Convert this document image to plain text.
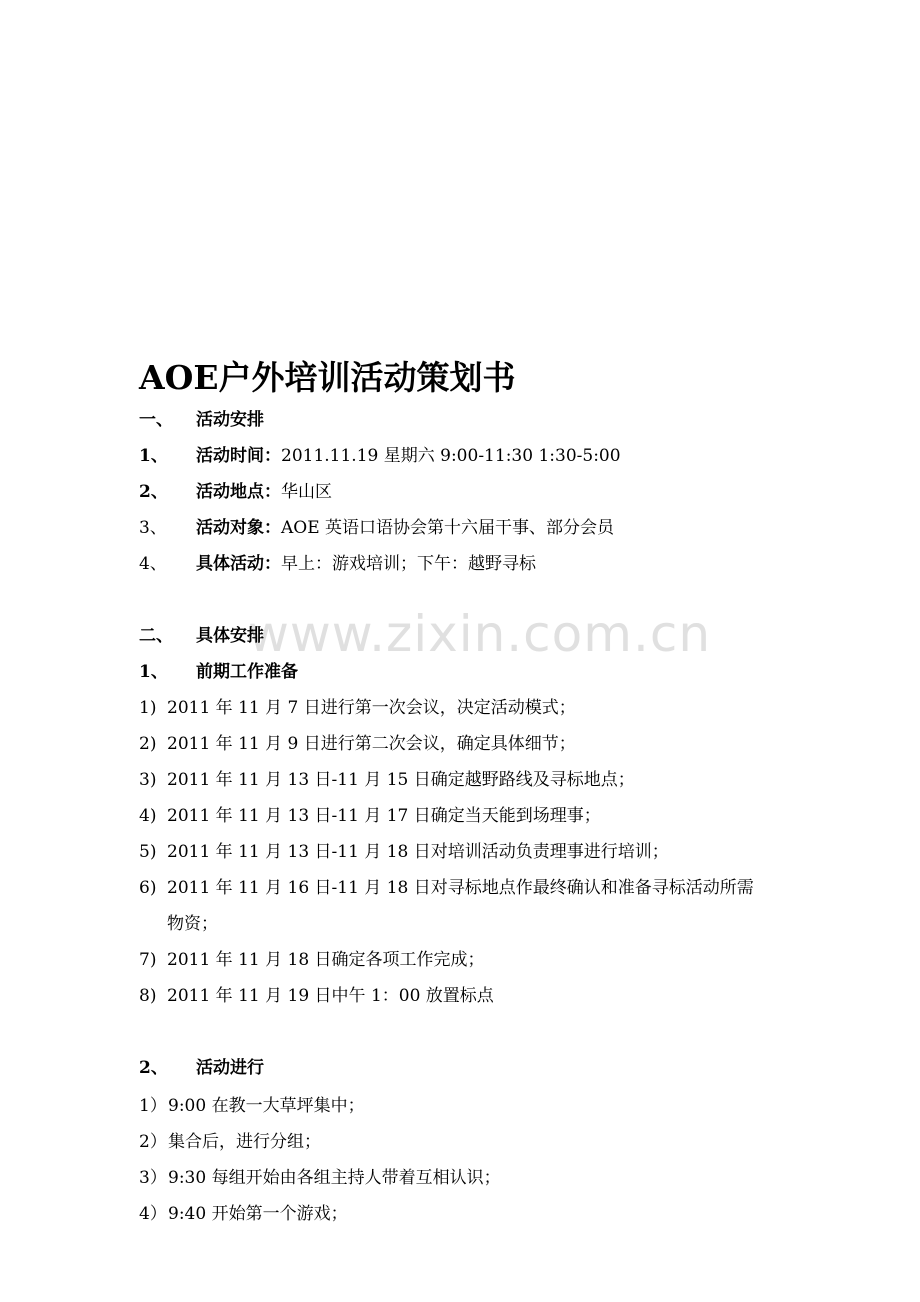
www.zixin.com.cn
AOE户外培训活动策划书
一、 活动安排
1、 活动时间：2011.11.19 星期六 9:00-11:30 1:30-5:00
2、 活动地点：华山区
3、 活动对象：AOE 英语口语协会第十六届干事、部分会员
4、 具体活动：早上：游戏培训；下午：越野寻标
二、 具体安排
1、 前期工作准备
1) 2011 年 11 月 7 日进行第一次会议，决定活动模式；
2) 2011 年 11 月 9 日进行第二次会议，确定具体细节；
3) 2011 年 11 月 13 日-11 月 15 日确定越野路线及寻标地点；
4) 2011 年 11 月 13 日-11 月 17 日确定当天能到场理事；
5) 2011 年 11 月 13 日-11 月 18 日对培训活动负责理事进行培训；
6) 2011 年 11 月 16 日-11 月 18 日对寻标地点作最终确认和准备寻标活动所需
物资；
7) 2011 年 11 月 18 日确定各项工作完成；
8) 2011 年 11 月 19 日中午 1：00 放置标点
2、 活动进行
1） 9:00 在教一大草坪集中；
2） 集合后，进行分组；
3） 9:30 每组开始由各组主持人带着互相认识；
4） 9:40 开始第一个游戏；
